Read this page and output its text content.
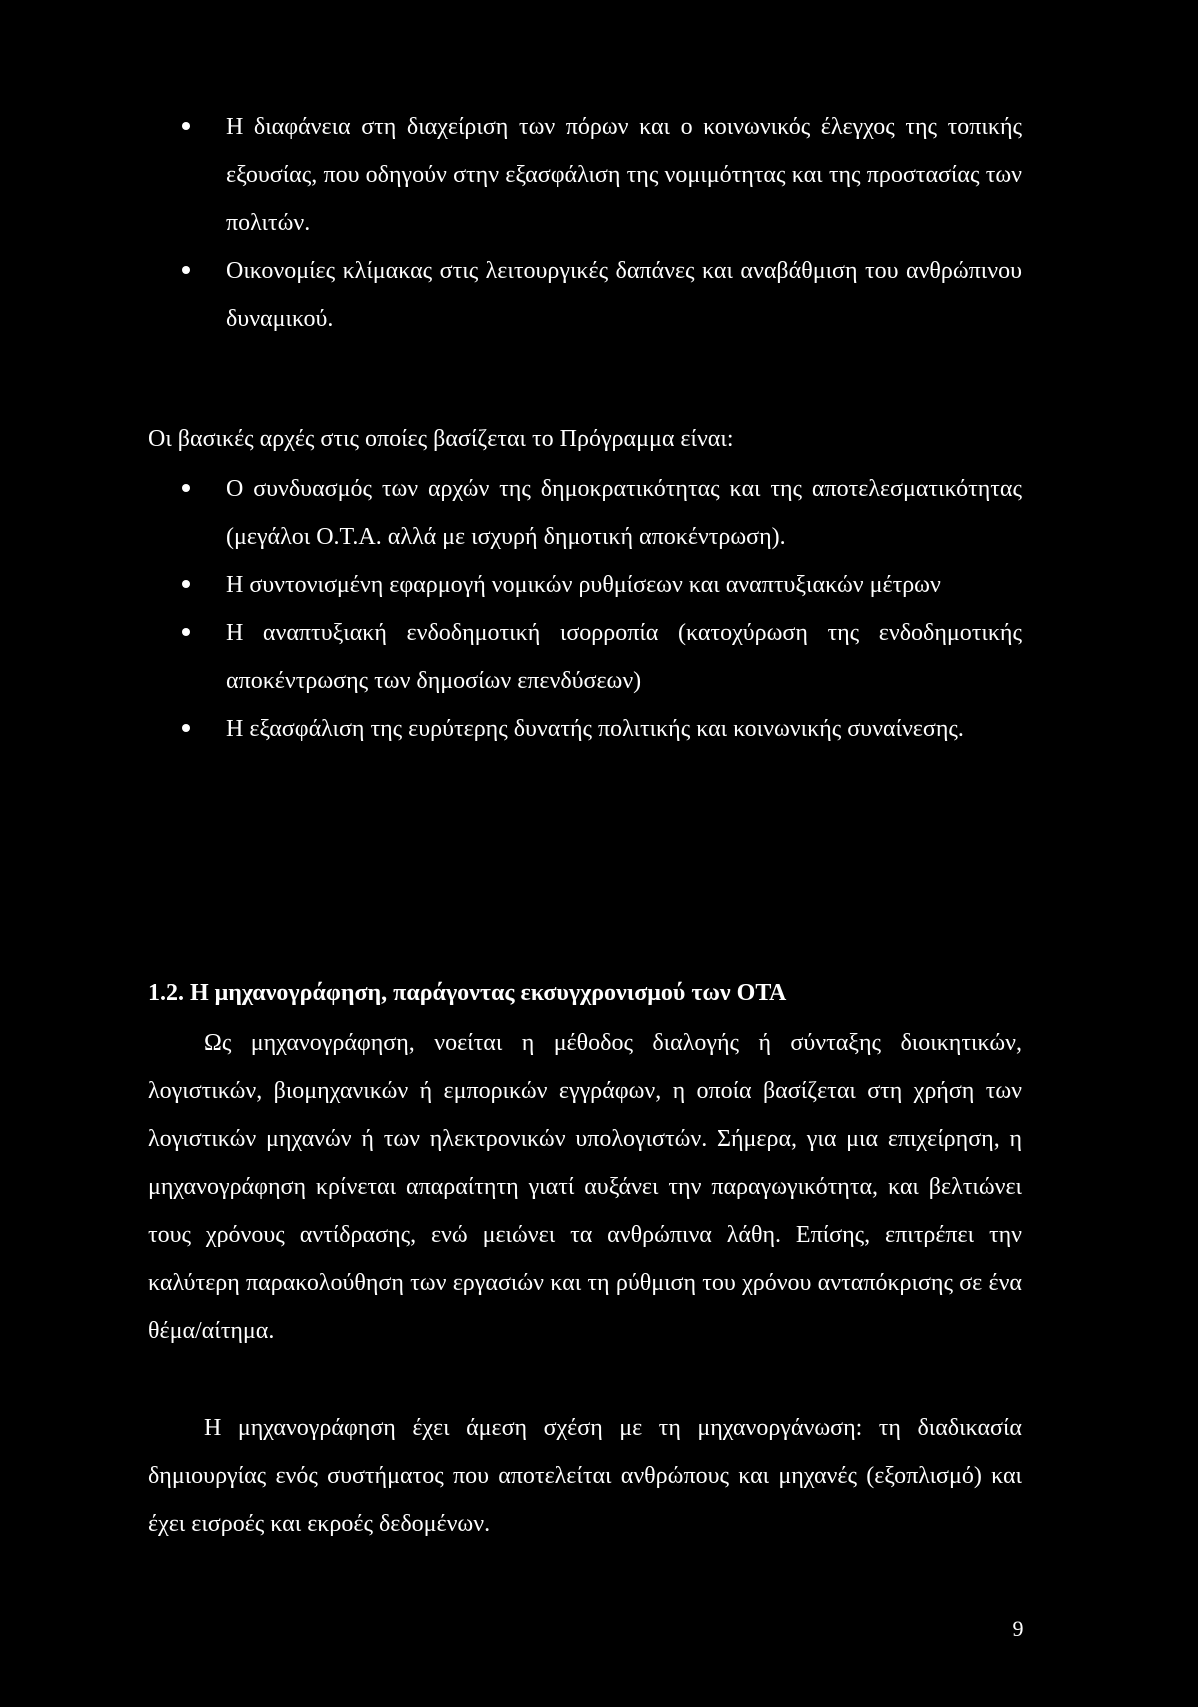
Η διαφάνεια στη διαχείριση των πόρων και ο κοινωνικός έλεγχος της τοπικής εξουσίας, που οδηγούν στην εξασφάλιση της νομιμότητας και της προστασίας των πολιτών.
Οικονομίες κλίμακας στις λειτουργικές δαπάνες και αναβάθμιση του ανθρώπινου δυναμικού.
Οι βασικές αρχές στις οποίες βασίζεται το Πρόγραμμα είναι:
Ο συνδυασμός των αρχών της δημοκρατικότητας και της αποτελεσματικότητας (μεγάλοι Ο.Τ.Α. αλλά με ισχυρή δημοτική αποκέντρωση).
Η συντονισμένη εφαρμογή νομικών ρυθμίσεων και αναπτυξιακών μέτρων
Η αναπτυξιακή ενδοδημοτική ισορροπία (κατοχύρωση της ενδοδημοτικής αποκέντρωσης των δημοσίων επενδύσεων)
Η εξασφάλιση της ευρύτερης δυνατής πολιτικής και κοινωνικής συναίνεσης.
1.2. Η μηχανογράφηση, παράγοντας εκσυγχρονισμού των ΟΤΑ
Ως μηχανογράφηση, νοείται η μέθοδος διαλογής ή σύνταξης διοικητικών, λογιστικών, βιομηχανικών ή εμπορικών εγγράφων, η οποία βασίζεται στη χρήση των λογιστικών μηχανών ή των ηλεκτρονικών υπολογιστών. Σήμερα, για μια επιχείρηση, η μηχανογράφηση κρίνεται απαραίτητη γιατί αυξάνει την παραγωγικότητα, και βελτιώνει τους χρόνους αντίδρασης, ενώ μειώνει τα ανθρώπινα λάθη. Επίσης, επιτρέπει την καλύτερη παρακολούθηση των εργασιών και τη ρύθμιση του χρόνου ανταπόκρισης σε ένα θέμα/αίτημα.
Η μηχανογράφηση έχει άμεση σχέση με τη μηχανοργάνωση: τη διαδικασία δημιουργίας ενός συστήματος που αποτελείται ανθρώπους και μηχανές (εξοπλισμό) και έχει εισροές και εκροές δεδομένων.
9
